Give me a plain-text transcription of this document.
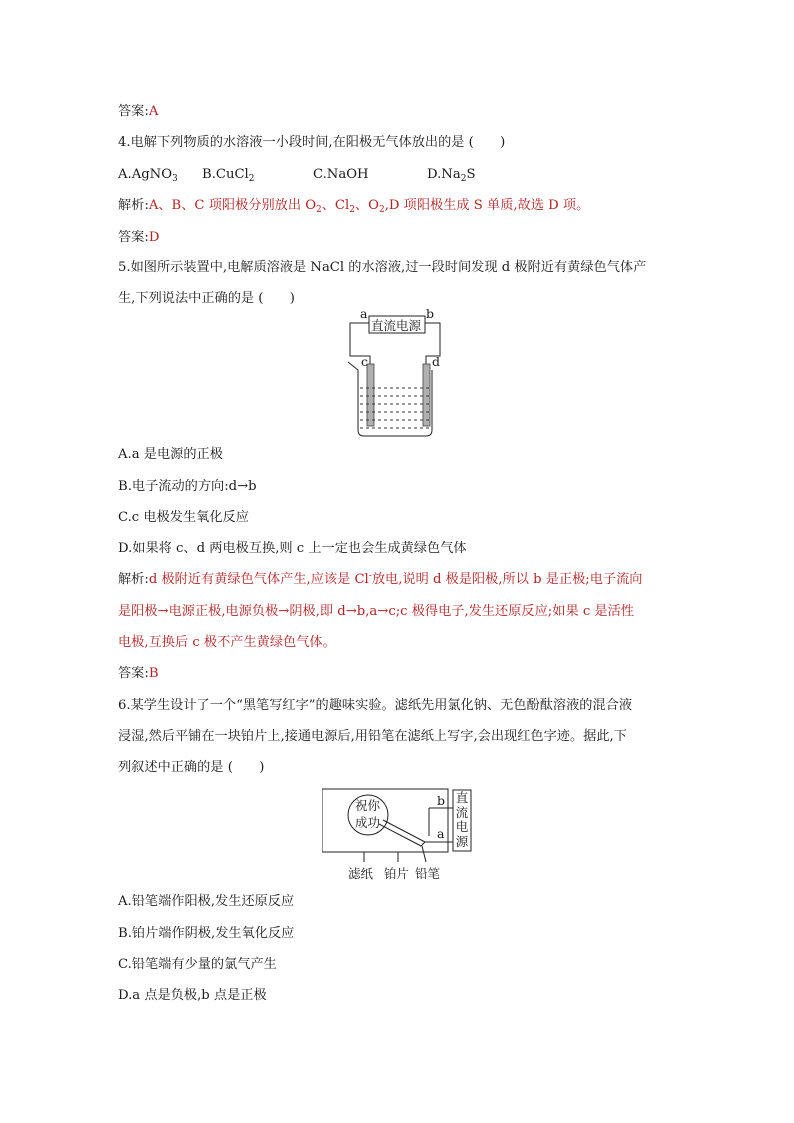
答案:A
4.电解下列物质的水溶液一小段时间,在阳极无气体放出的是 (　　)
A.AgNO$_3$ B.CuCl$_2$	C.NaOH	$D.Na_2S$
解析:A、B、C 项阳极分别放出 $O_2$、$Cl_2$、$O_2,D$ 项阳极生成 S 单质,故选 D 项。
答案:D
5.如图所示装置中,电解质溶液是 NaCl 的水溶液,过一段时间发现 d 极附近有黄绿色气体产
生,下列说法中正确的是 (　　)
直流电源
a	b
c	d
A.a 是电源的正极
B.电子流动的方向:d→b
C.c 电极发生氧化反应
D.如果将 c、d 两电极互换,则 c 上一定也会生成黄绿色气体
解析:d 极附近有黄绿色气体产生,应该是 Cl-放电,说明 d 极是阳极,所以 b 是正极;电子流向
是阳极→电源正极,电源负极→阴极,即 d→b,a→c;c 极得电子,发生还原反应;如果 c 是活性
电极,互换后 c 极不产生黄绿色气体。
答案:B
6.某学生设计了一个“黑笔写红字”的趣味实验。滤纸先用氯化钠、无色酚酞溶液的混合液
浸湿,然后平铺在一块铂片上,接通电源后,用铅笔在滤纸上写字,会出现红色字迹。据此,下
列叙述中正确的是 (　　)
祝你
成功
b
a
直
流
电
源
滤纸 铂片 铅笔
A.铅笔端作阳极,发生还原反应
B.铂片端作阴极,发生氧化反应
C.铅笔端有少量的氯气产生
D.a 点是负极,b 点是正极
